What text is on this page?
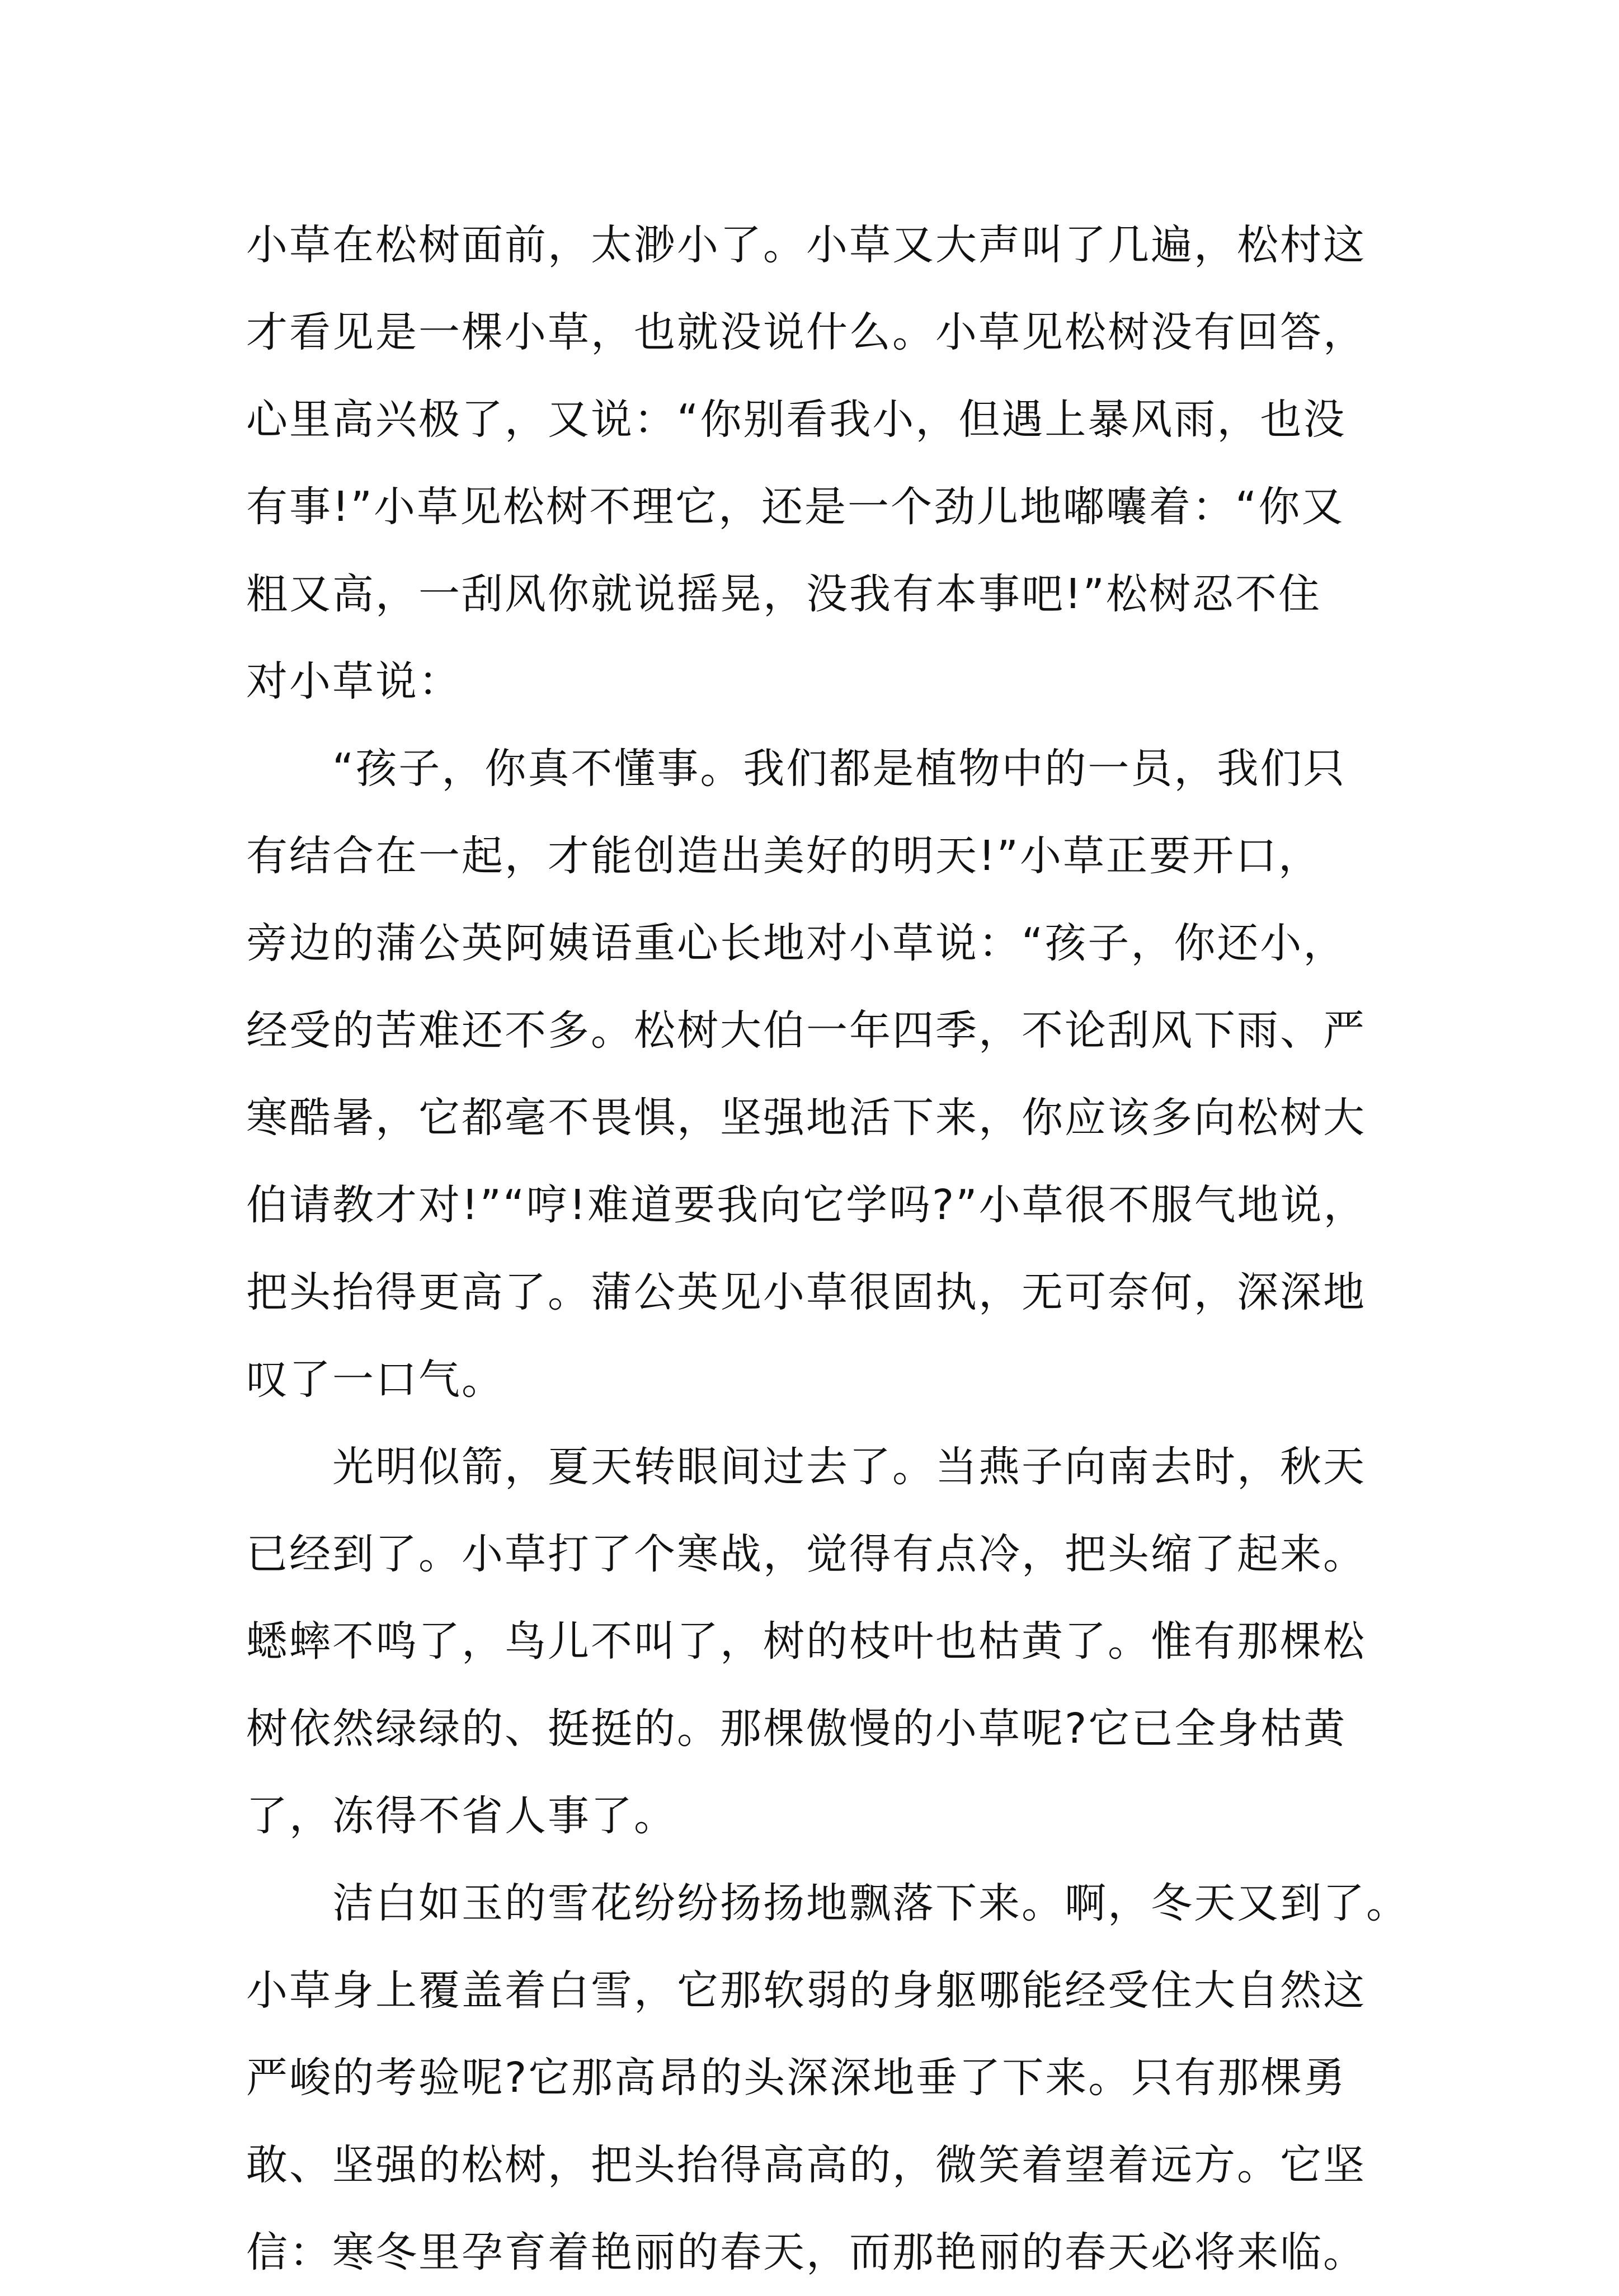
小草在松树面前，太渺小了。小草又大声叫了几遍，松村这
才看见是一棵小草，也就没说什么。小草见松树没有回答，
心里高兴极了，又说：“你别看我小，但遇上暴风雨，也没
有事!”小草见松树不理它，还是一个劲儿地嘟囔着：“你又
粗又高，一刮风你就说摇晃，没我有本事吧!”松树忍不住
对小草说：
　　“孩子，你真不懂事。我们都是植物中的一员，我们只
有结合在一起，才能创造出美好的明天!”小草正要开口，
旁边的蒲公英阿姨语重心长地对小草说：“孩子，你还小，
经受的苦难还不多。松树大伯一年四季，不论刮风下雨、严
寒酷暑，它都毫不畏惧，坚强地活下来，你应该多向松树大
伯请教才对!”“哼!难道要我向它学吗?”小草很不服气地说，
把头抬得更高了。蒲公英见小草很固执，无可奈何，深深地
叹了一口气。
　　光明似箭，夏天转眼间过去了。当燕子向南去时，秋天
已经到了。小草打了个寒战，觉得有点冷，把头缩了起来。
蟋蟀不鸣了，鸟儿不叫了，树的枝叶也枯黄了。惟有那棵松
树依然绿绿的、挺挺的。那棵傲慢的小草呢?它已全身枯黄
了，冻得不省人事了。
　　洁白如玉的雪花纷纷扬扬地飘落下来。啊，冬天又到了。
小草身上覆盖着白雪，它那软弱的身躯哪能经受住大自然这
严峻的考验呢?它那高昂的头深深地垂了下来。只有那棵勇
敢、坚强的松树，把头抬得高高的，微笑着望着远方。它坚
信：寒冬里孕育着艳丽的春天，而那艳丽的春天必将来临。
